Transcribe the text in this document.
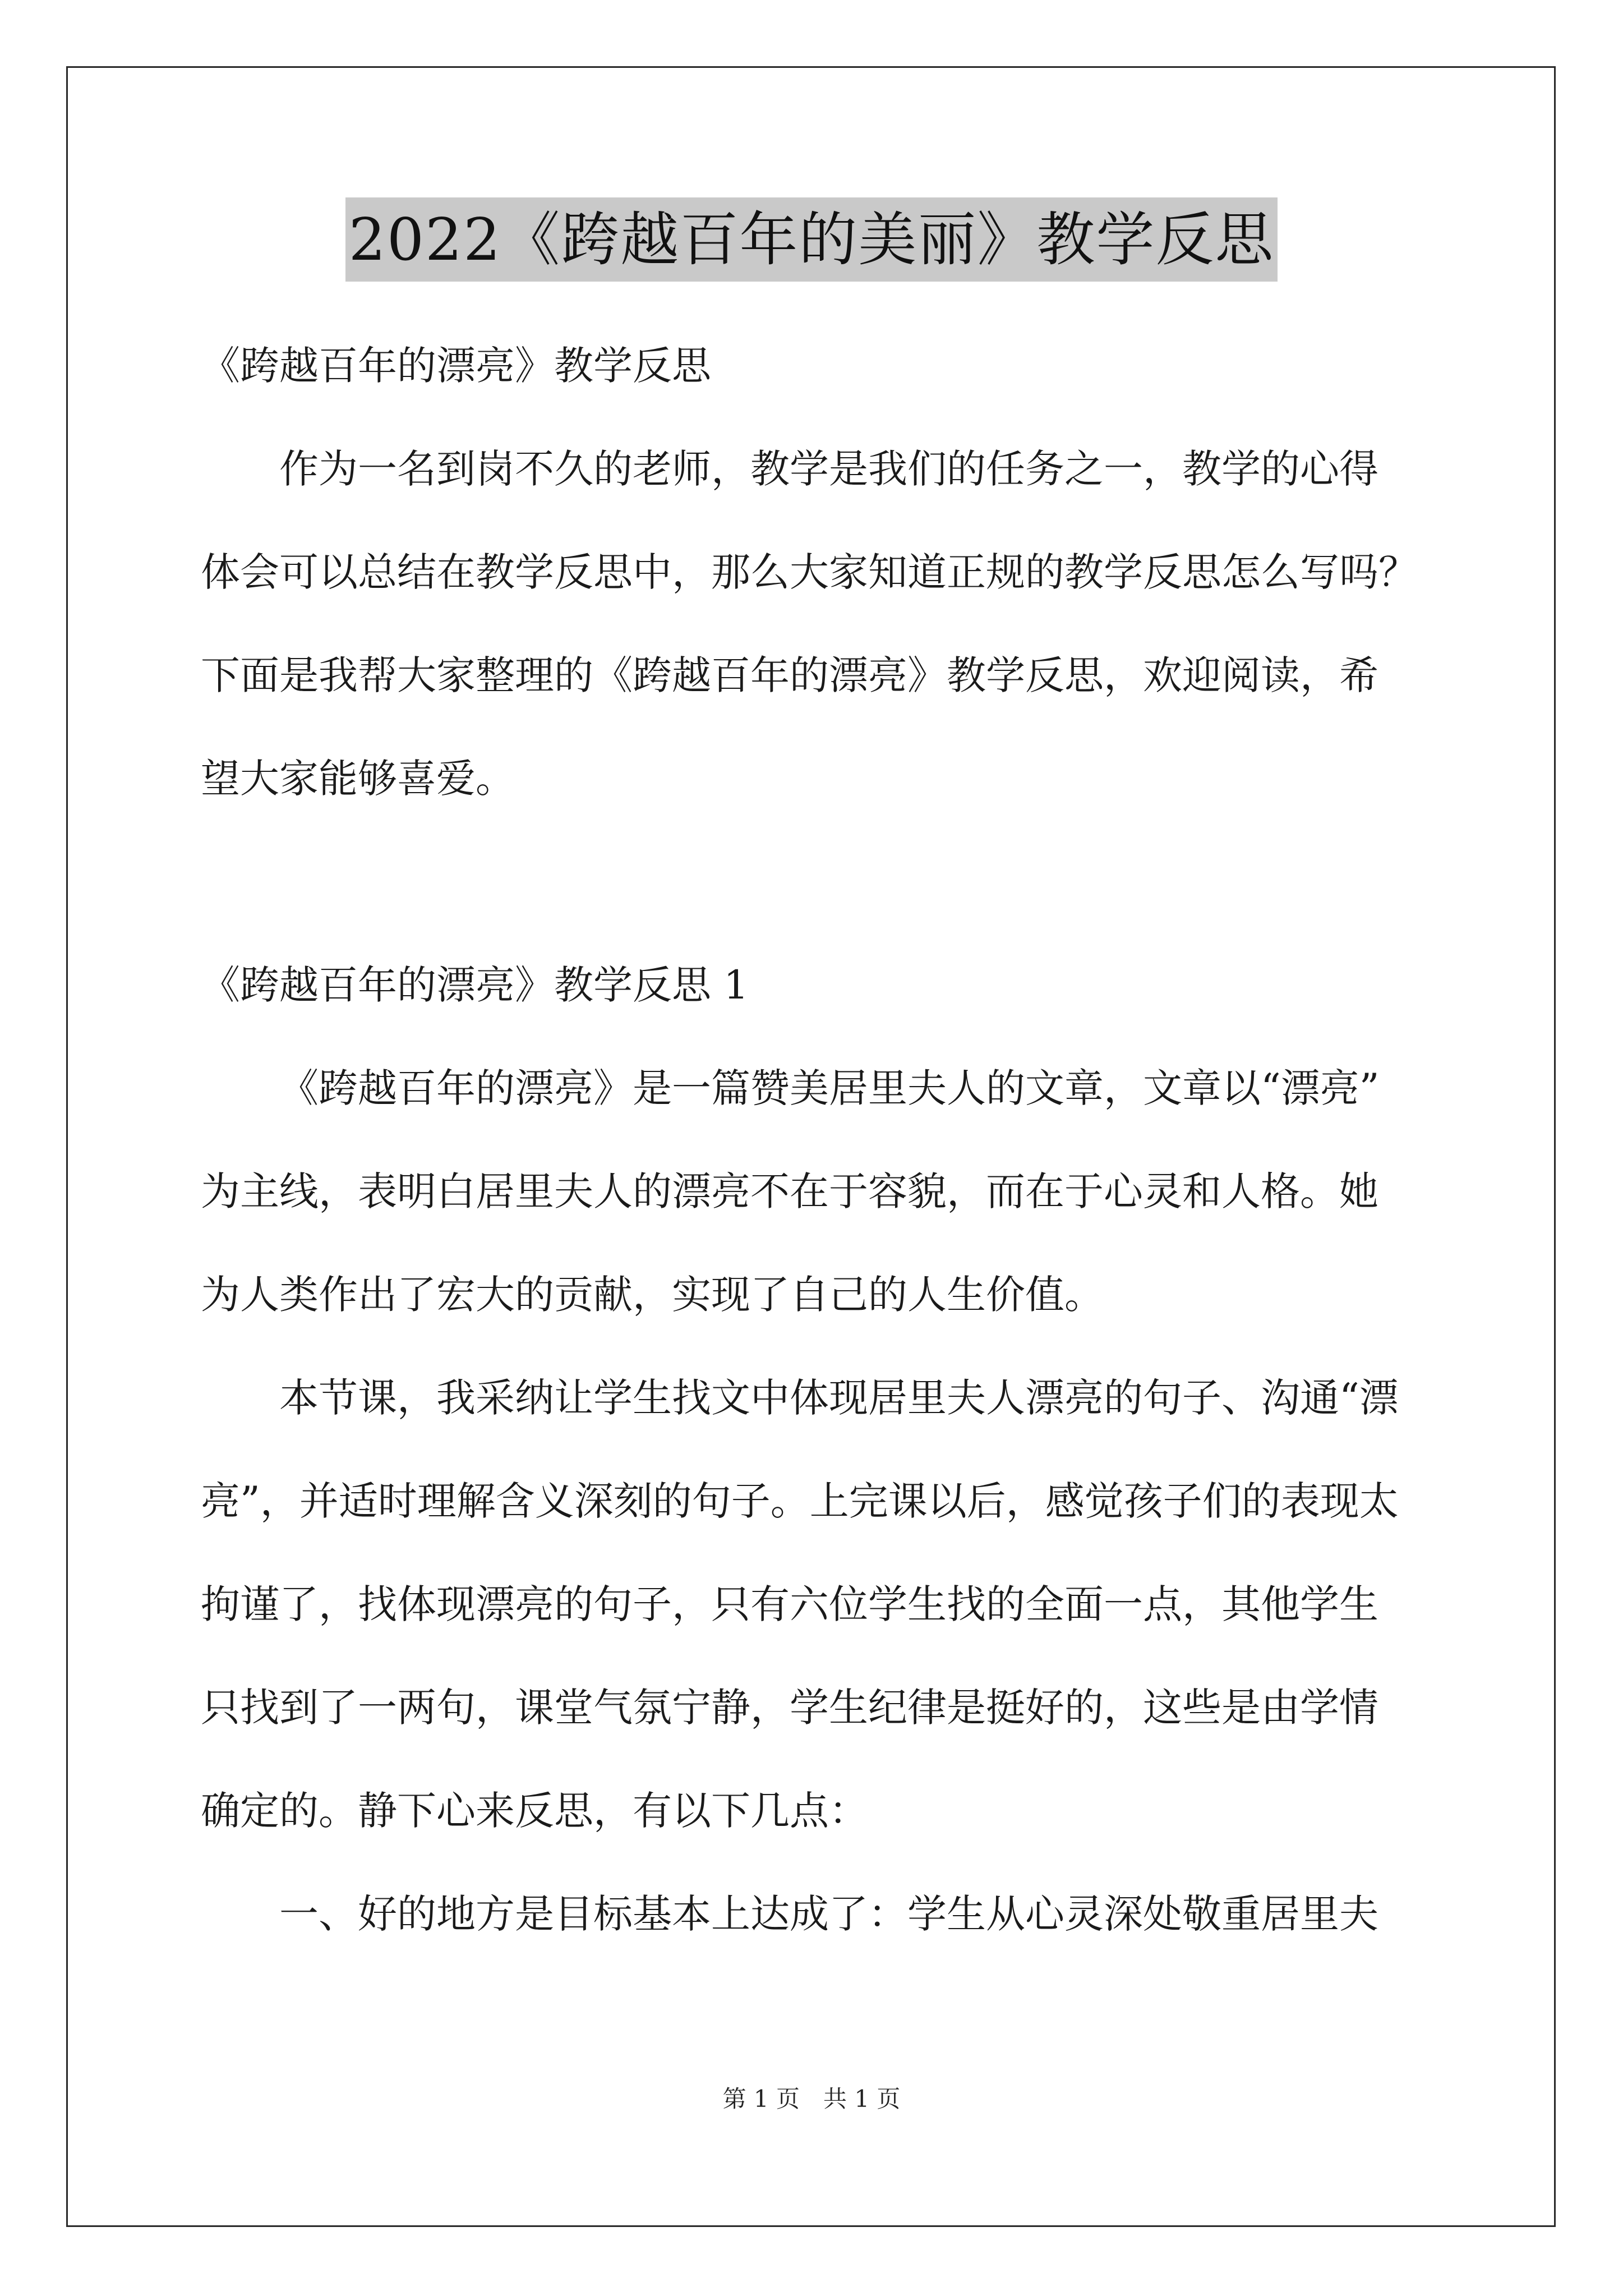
2022《跨越百年的美丽》教学反思
《跨越百年的漂亮》教学反思
作为一名到岗不久的老师，教学是我们的任务之一，教学的心得
体会可以总结在教学反思中，那么大家知道正规的教学反思怎么写吗？
下面是我帮大家整理的《跨越百年的漂亮》教学反思，欢迎阅读，希
望大家能够喜爱。
《跨越百年的漂亮》教学反思 1
《跨越百年的漂亮》是一篇赞美居里夫人的文章，文章以“漂亮”
为主线，表明白居里夫人的漂亮不在于容貌，而在于心灵和人格。她
为人类作出了宏大的贡献，实现了自己的人生价值。
本节课，我采纳让学生找文中体现居里夫人漂亮的句子、沟通“漂
亮”，并适时理解含义深刻的句子。上完课以后，感觉孩子们的表现太
拘谨了，找体现漂亮的句子，只有六位学生找的全面一点，其他学生
只找到了一两句，课堂气氛宁静，学生纪律是挺好的，这些是由学情
确定的。静下心来反思，有以下几点：
一、好的地方是目标基本上达成了：学生从心灵深处敬重居里夫
第 1 页　共 1 页
